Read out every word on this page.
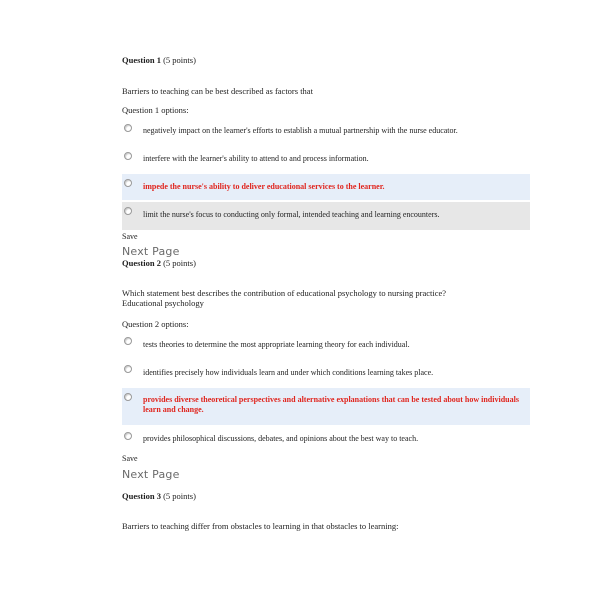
Question 1 (5 points)
Barriers to teaching can be best described as factors that
Question 1 options:
negatively impact on the learner's efforts to establish a mutual partnership with the nurse educator.
interfere with the learner's ability to attend to and process information.
impede the nurse's ability to deliver educational services to the learner.
limit the nurse's focus to conducting only formal, intended teaching and learning encounters.
Save
Next Page
Question 2 (5 points)
Which statement best describes the contribution of educational psychology to nursing practice?
Educational psychology
Question 2 options:
tests theories to determine the most appropriate learning theory for each individual.
identifies precisely how individuals learn and under which conditions learning takes place.
provides diverse theoretical perspectives and alternative explanations that can be tested about how individuals learn and change.
provides philosophical discussions, debates, and opinions about the best way to teach.
Save
Next Page
Question 3 (5 points)
Barriers to teaching differ from obstacles to learning in that obstacles to learning:
